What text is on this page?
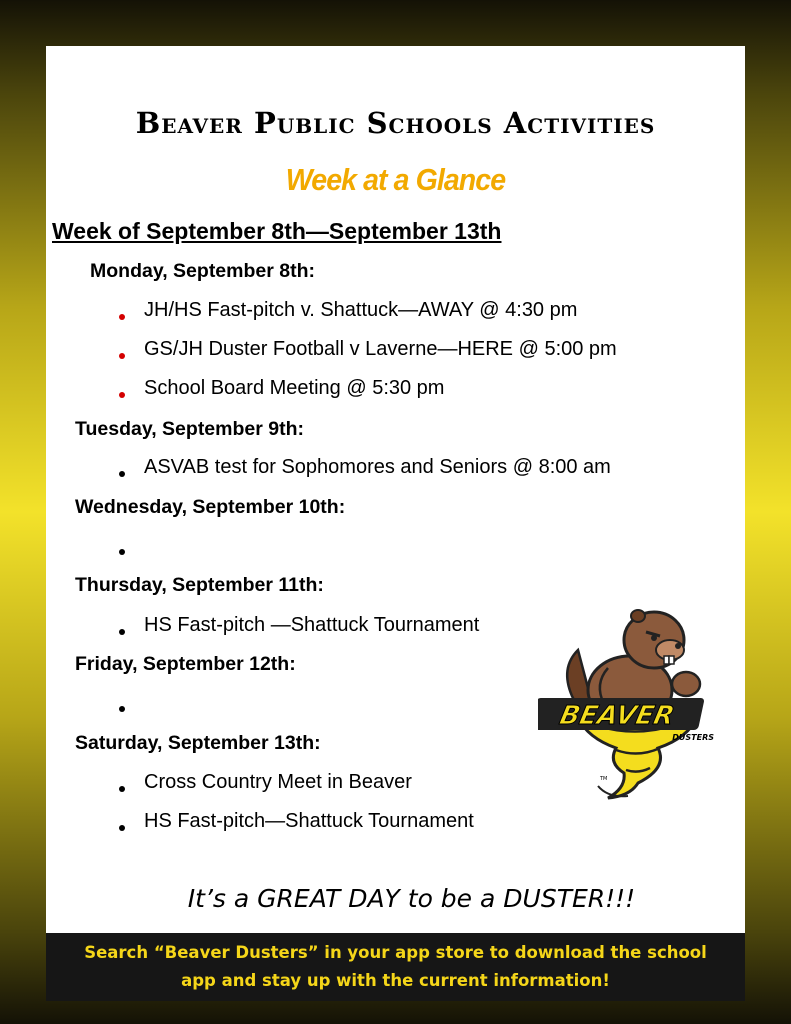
Beaver Public Schools Activities
Week at a Glance
Week of September 8th—September 13th
Monday, September 8th:
JH/HS Fast-pitch v. Shattuck—AWAY @ 4:30 pm
GS/JH Duster Football v Laverne—HERE @ 5:00 pm
School Board Meeting @ 5:30 pm
Tuesday, September 9th:
ASVAB test for Sophomores and Seniors @ 8:00 am
Wednesday, September 10th:
Thursday, September 11th:
HS Fast-pitch —Shattuck Tournament
Friday, September 12th:
Saturday, September 13th:
Cross Country Meet in Beaver
HS Fast-pitch—Shattuck Tournament
BEAVER
DUSTERS
TM
It’s a GREAT DAY to be a DUSTER!!!
Search “Beaver Dusters” in your app store to download the school
app and stay up with the current information!
